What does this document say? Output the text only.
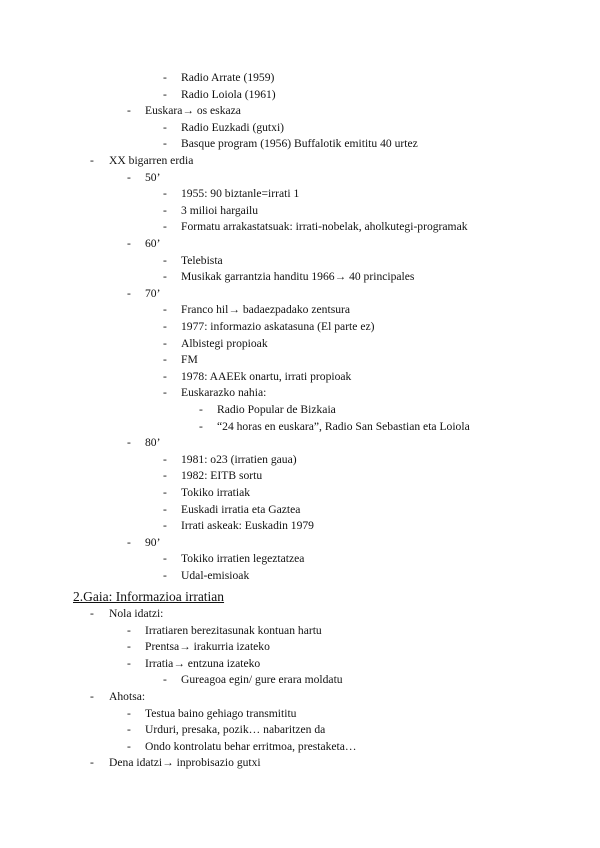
-	Radio Arrate (1959)
-	Radio Loiola (1961)
-	Euskara→ os eskaza
-	Radio Euzkadi (gutxi)
-	Basque program (1956) Buffalotik emititu 40 urtez
-	XX bigarren erdia
-	50’
-	1955: 90 biztanle=irrati 1
-	3 milioi hargailu
-	Formatu arrakastatsuak: irrati-nobelak, aholkutegi-programak
-	60’
-	Telebista
-	Musikak garrantzia handitu 1966→ 40 principales
-	70’
-	Franco hil→ badaezpadako zentsura
-	1977: informazio askatasuna (El parte ez)
-	Albistegi propioak
-	FM
-	1978: AAEEk onartu, irrati propioak
-	Euskarazko nahia:
-	Radio Popular de Bizkaia
-	“24 horas en euskara”, Radio San Sebastian eta Loiola
-	80’
-	1981: o23 (irratien gaua)
-	1982: EITB sortu
-	Tokiko irratiak
-	Euskadi irratia eta Gaztea
-	Irrati askeak: Euskadin 1979
-	90’
-	Tokiko irratien legeztatzea
-	Udal-emisioak
2.Gaia: Informazioa irratian
-	Nola idatzi:
-	Irratiaren berezitasunak kontuan hartu
-	Prentsa→ irakurria izateko
-	Irratia→ entzuna izateko
-	Gureagoa egin/ gure erara moldatu
-	Ahotsa:
-	Testua baino gehiago transmititu
-	Urduri, presaka, pozik… nabaritzen da
-	Ondo kontrolatu behar erritmoa, prestaketa…
-	Dena idatzi→ inprobisazio gutxi
